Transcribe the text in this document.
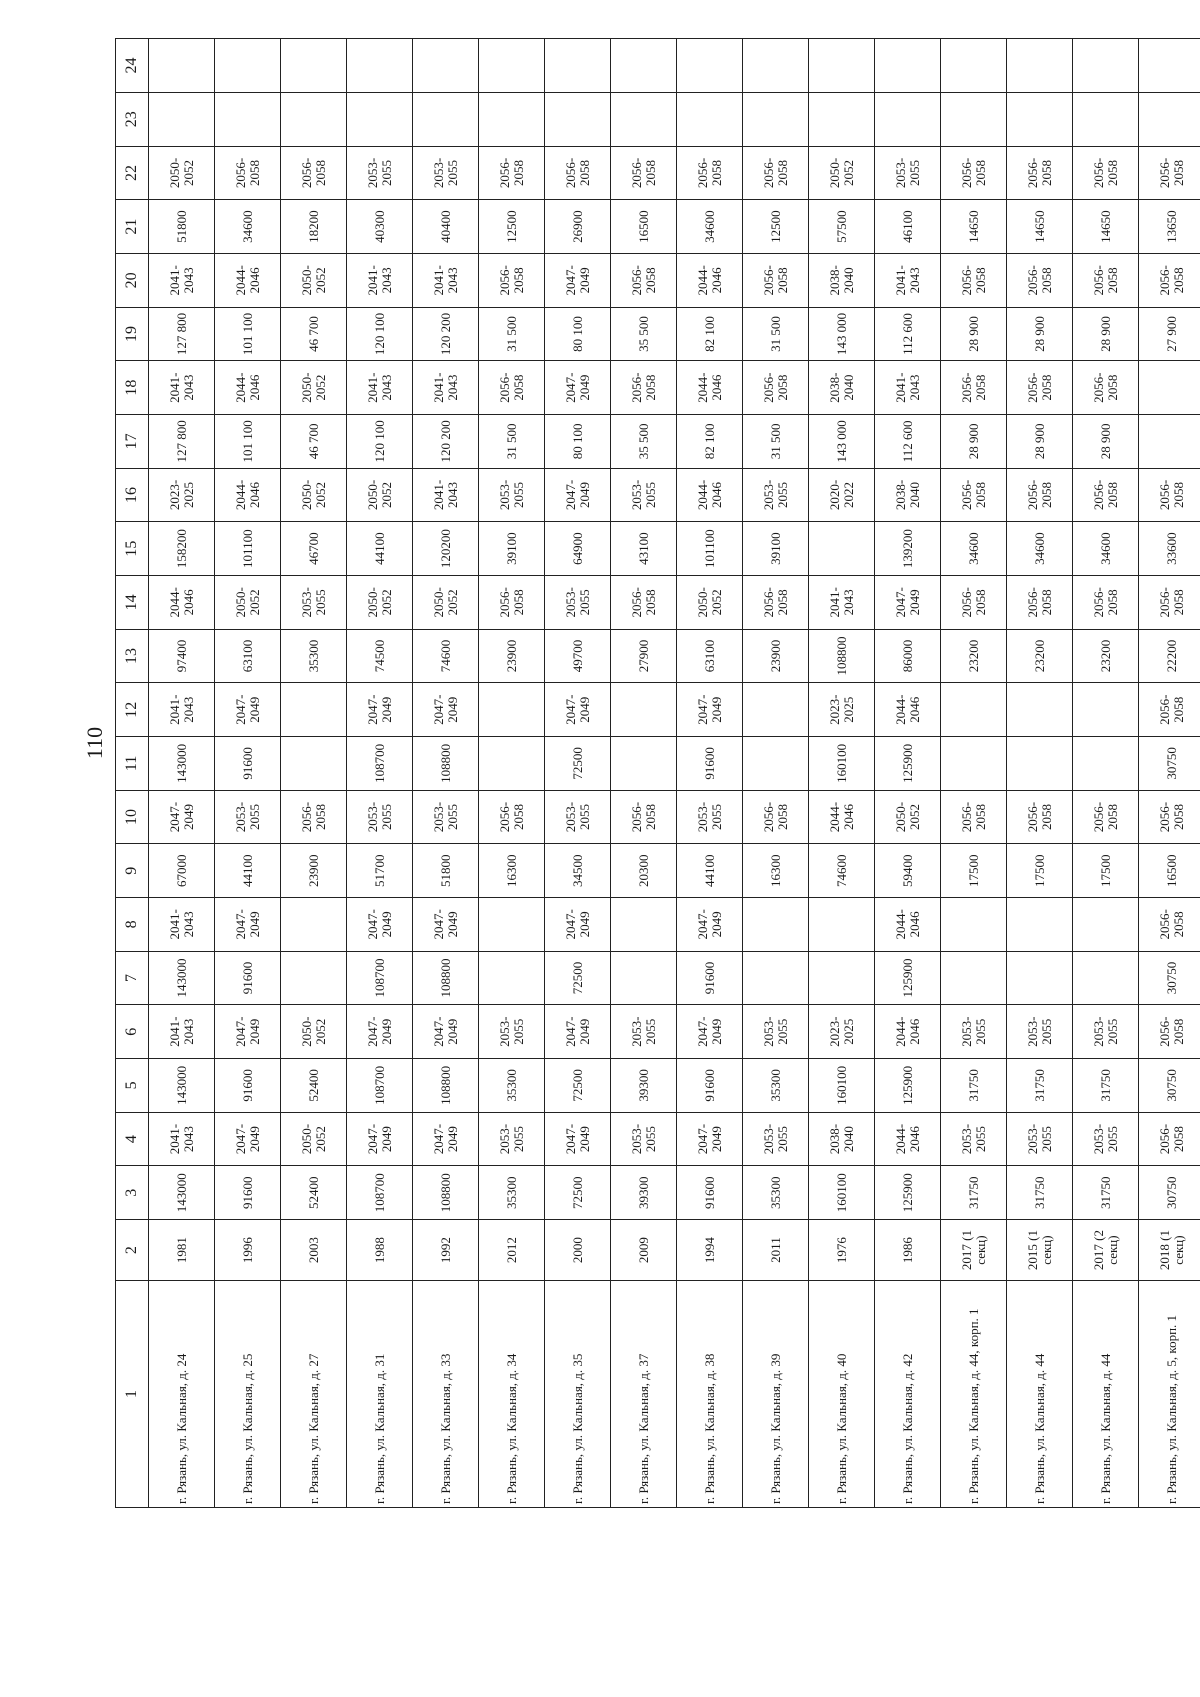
110
1	2	3	4	5	6	7	8	9	10	11	12	13	14	15	16	17	18	19	20	21	22	23	24
г. Рязань, ул. Кальная, д. 24	1981	143000	2041-2043	143000	2041-2043	143000	2041-2043	67000	2047-2049	143000	2041-2043	97400	2044-2046	158200	2023-2025	127 800	2041-2043	127 800	2041-2043	51800	2050-2052		
г. Рязань, ул. Кальная, д. 25	1996	91600	2047-2049	91600	2047-2049	91600	2047-2049	44100	2053-2055	91600	2047-2049	63100	2050-2052	101100	2044-2046	101 100	2044-2046	101 100	2044-2046	34600	2056-2058		
г. Рязань, ул. Кальная, д. 27	2003	52400	2050-2052	52400	2050-2052			23900	2056-2058			35300	2053-2055	46700	2050-2052	46 700	2050-2052	46 700	2050-2052	18200	2056-2058		
г. Рязань, ул. Кальная, д. 31	1988	108700	2047-2049	108700	2047-2049	108700	2047-2049	51700	2053-2055	108700	2047-2049	74500	2050-2052	44100	2050-2052	120 100	2041-2043	120 100	2041-2043	40300	2053-2055		
г. Рязань, ул. Кальная, д. 33	1992	108800	2047-2049	108800	2047-2049	108800	2047-2049	51800	2053-2055	108800	2047-2049	74600	2050-2052	120200	2041-2043	120 200	2041-2043	120 200	2041-2043	40400	2053-2055		
г. Рязань, ул. Кальная, д. 34	2012	35300	2053-2055	35300	2053-2055			16300	2056-2058			23900	2056-2058	39100	2053-2055	31 500	2056-2058	31 500	2056-2058	12500	2056-2058		
г. Рязань, ул. Кальная, д. 35	2000	72500	2047-2049	72500	2047-2049	72500	2047-2049	34500	2053-2055	72500	2047-2049	49700	2053-2055	64900	2047-2049	80 100	2047-2049	80 100	2047-2049	26900	2056-2058		
г. Рязань, ул. Кальная, д. 37	2009	39300	2053-2055	39300	2053-2055			20300	2056-2058			27900	2056-2058	43100	2053-2055	35 500	2056-2058	35 500	2056-2058	16500	2056-2058		
г. Рязань, ул. Кальная, д. 38	1994	91600	2047-2049	91600	2047-2049	91600	2047-2049	44100	2053-2055	91600	2047-2049	63100	2050-2052	101100	2044-2046	82 100	2044-2046	82 100	2044-2046	34600	2056-2058		
г. Рязань, ул. Кальная, д. 39	2011	35300	2053-2055	35300	2053-2055			16300	2056-2058			23900	2056-2058	39100	2053-2055	31 500	2056-2058	31 500	2056-2058	12500	2056-2058		
г. Рязань, ул. Кальная, д. 40	1976	160100	2038-2040	160100	2023-2025			74600	2044-2046	160100	2023-2025	108800	2041-2043		2020-2022	143 000	2038-2040	143 000	2038-2040	57500	2050-2052		
г. Рязань, ул. Кальная, д. 42	1986	125900	2044-2046	125900	2044-2046	125900	2044-2046	59400	2050-2052	125900	2044-2046	86000	2047-2049	139200	2038-2040	112 600	2041-2043	112 600	2041-2043	46100	2053-2055		
г. Рязань, ул. Кальная, д. 44, корп. 1	2017 (1 секц)	31750	2053-2055	31750	2053-2055			17500	2056-2058			23200	2056-2058	34600	2056-2058	28 900	2056-2058	28 900	2056-2058	14650	2056-2058		
г. Рязань, ул. Кальная, д. 44	2015 (1 секц)	31750	2053-2055	31750	2053-2055			17500	2056-2058			23200	2056-2058	34600	2056-2058	28 900	2056-2058	28 900	2056-2058	14650	2056-2058		
г. Рязань, ул. Кальная, д. 44	2017 (2 секц)	31750	2053-2055	31750	2053-2055			17500	2056-2058			23200	2056-2058	34600	2056-2058	28 900	2056-2058	28 900	2056-2058	14650	2056-2058		
г. Рязань, ул. Кальная, д. 5, корп. 1	2018 (1 секц)	30750	2056-2058	30750	2056-2058	30750	2056-2058	16500	2056-2058	30750	2056-2058	22200	2056-2058	33600	2056-2058			27 900	2056-2058	13650	2056-2058		
